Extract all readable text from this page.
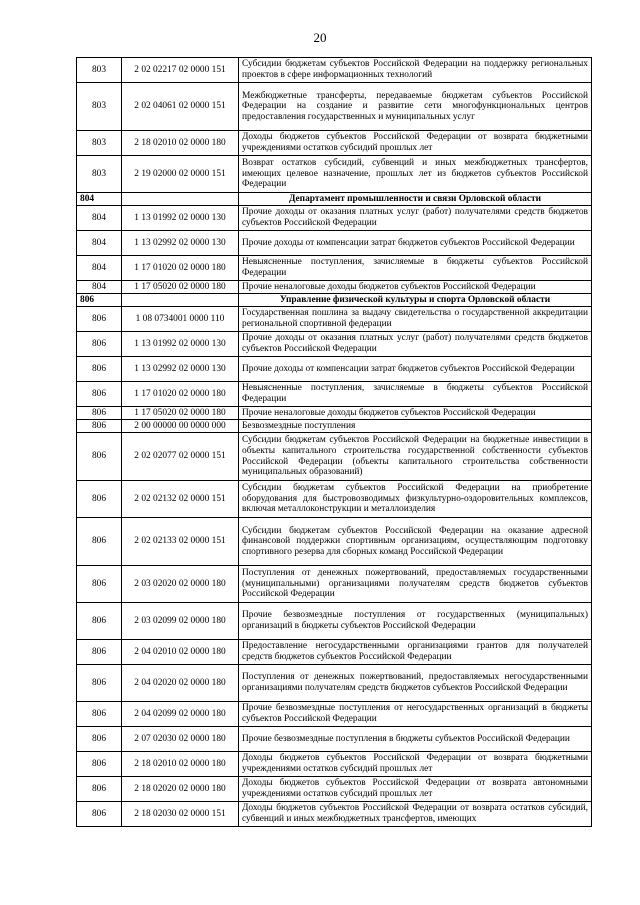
20
803	2 02 02217 02 0000 151	Субсидии бюджетам субъектов Российской Федерации на поддержку региональных проектов в сфере информационных технологий
803	2 02 04061 02 0000 151	Межбюджетные трансферты, передаваемые бюджетам субъектов Российской Федерации на создание и развитие сети многофункциональных центров предоставления государственных и муниципальных услуг
803	2 18 02010 02 0000 180	Доходы бюджетов субъектов Российской Федерации от возврата бюджетными учреждениями остатков субсидий прошлых лет
803	2 19 02000 02 0000 151	Возврат остатков субсидий, субвенций и иных межбюджетных трансфертов, имеющих целевое назначение, прошлых лет из бюджетов субъектов Российской Федерации
804		Департамент промышленности и связи Орловской области
804	1 13 01992 02 0000 130	Прочие доходы от оказания платных услуг (работ) получателями средств бюджетов субъектов Российской Федерации
804	1 13 02992 02 0000 130	Прочие доходы от компенсации затрат бюджетов субъектов Российской Федерации
804	1 17 01020 02 0000 180	Невыясненные поступления, зачисляемые в бюджеты субъектов Российской Федерации
804	1 17 05020 02 0000 180	Прочие неналоговые доходы бюджетов субъектов Российской Федерации
806		Управление физической культуры и спорта Орловской области
806	1 08 0734001 0000 110	Государственная пошлина за выдачу свидетельства о государственной аккредитации региональной спортивной федерации
806	1 13 01992 02 0000 130	Прочие доходы от оказания платных услуг (работ) получателями средств бюджетов субъектов Российской Федерации
806	1 13 02992 02 0000 130	Прочие доходы от компенсации затрат бюджетов субъектов Российской Федерации
806	1 17 01020 02 0000 180	Невыясненные поступления, зачисляемые в бюджеты субъектов Российской Федерации
806	1 17 05020 02 0000 180	Прочие неналоговые доходы бюджетов субъектов Российской Федерации
806	2 00 00000 00 0000 000	Безвозмездные поступления
806	2 02 02077 02 0000 151	Субсидии бюджетам субъектов Российской Федерации на бюджетные инвестиции в объекты капитального строительства государственной собственности субъектов Российской Федерации (объекты капитального строительства собственности муниципальных образований)
806	2 02 02132 02 0000 151	Субсидии бюджетам субъектов Российской Федерации на приобретение оборудования для быстровозводимых физкультурно-оздоровительных комплексов, включая металлоконструкции и металлоизделия
806	2 02 02133 02 0000 151	Субсидии бюджетам субъектов Российской Федерации на оказание адресной финансовой поддержки спортивным организациям, осуществляющим подготовку спортивного резерва для сборных команд Российской Федерации
806	2 03 02020 02 0000 180	Поступления от денежных пожертвований, предоставляемых государственными (муниципальными) организациями получателям средств бюджетов субъектов Российской Федерации
806	2 03 02099 02 0000 180	Прочие безвозмездные поступления от государственных (муниципальных) организаций в бюджеты субъектов Российской Федерации
806	2 04 02010 02 0000 180	Предоставление негосударственными организациями грантов для получателей средств бюджетов субъектов Российской Федерации
806	2 04 02020 02 0000 180	Поступления от денежных пожертвований, предоставляемых негосударственными организациями получателям средств бюджетов субъектов Российской Федерации
806	2 04 02099 02 0000 180	Прочие безвозмездные поступления от негосударственных организаций в бюджеты субъектов Российской Федерации
806	2 07 02030 02 0000 180	Прочие безвозмездные поступления в бюджеты субъектов Российской Федерации
806	2 18 02010 02 0000 180	Доходы бюджетов субъектов Российской Федерации от возврата бюджетными учреждениями остатков субсидий прошлых лет
806	2 18 02020 02 0000 180	Доходы бюджетов субъектов Российской Федерации от возврата автономными учреждениями остатков субсидий прошлых лет
806	2 18 02030 02 0000 151	Доходы бюджетов субъектов Российской Федерации от возврата остатков субсидий, субвенций и иных межбюджетных трансфертов, имеющих
